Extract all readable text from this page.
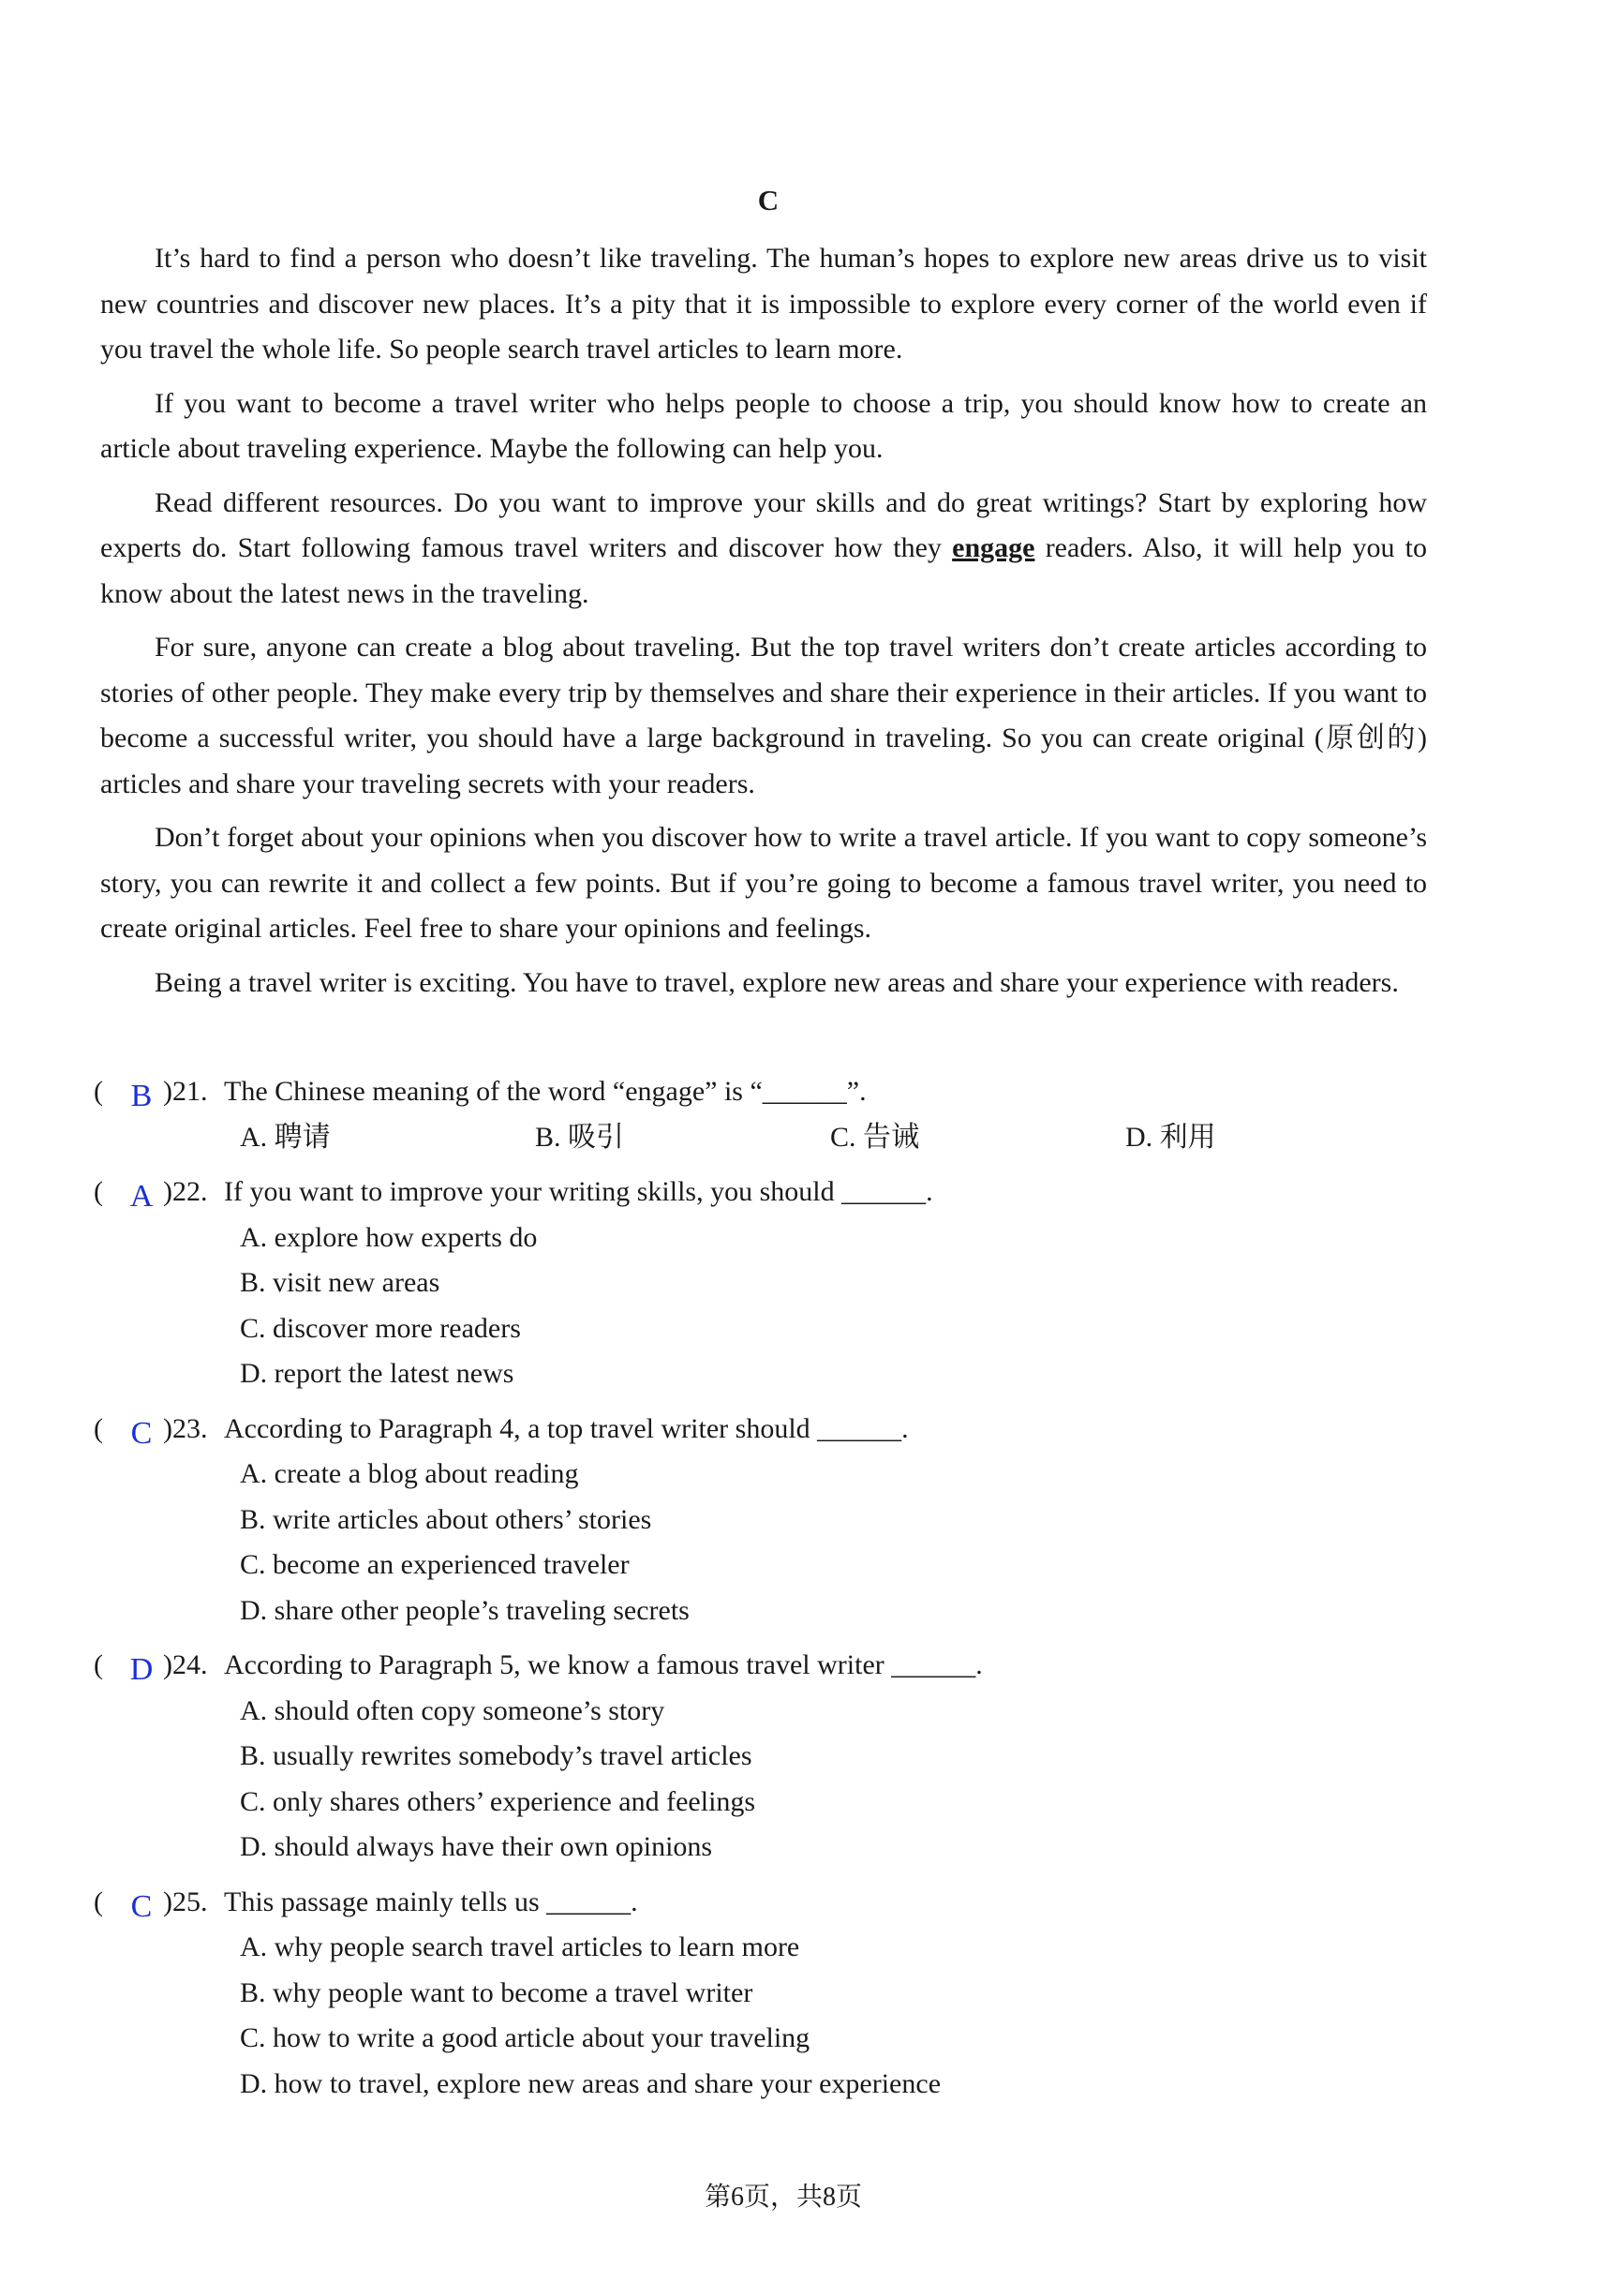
C

It’s hard to find a person who doesn’t like traveling. The human’s hopes to explore new areas drive us to visit new countries and discover new places. It’s a pity that it is impossible to explore every corner of the world even if you travel the whole life. So people search travel articles to learn more.

If you want to become a travel writer who helps people to choose a trip, you should know how to create an article about traveling experience. Maybe the following can help you.

Read different resources. Do you want to improve your skills and do great writings? Start by exploring how experts do. Start following famous travel writers and discover how they engage readers. Also, it will help you to know about the latest news in the traveling.

For sure, anyone can create a blog about traveling. But the top travel writers don’t create articles according to stories of other people. They make every trip by themselves and share their experience in their articles. If you want to become a successful writer, you should have a large background in traveling. So you can create original (原创的) articles and share your traveling secrets with your readers.

Don’t forget about your opinions when you discover how to write a travel article. If you want to copy someone’s story, you can rewrite it and collect a few points. But if you’re going to become a famous travel writer, you need to create original articles. Feel free to share your opinions and feelings.

Being a travel writer is exciting. You have to travel, explore new areas and share your experience with readers.

( B ) 21. The Chinese meaning of the word “engage” is “______”.
A. 聘请	B. 吸引	C. 告诫	D. 利用
( A ) 22. If you want to improve your writing skills, you should ______.
A. explore how experts do
B. visit new areas
C. discover more readers
D. report the latest news
( C ) 23. According to Paragraph 4, a top travel writer should ______.
A. create a blog about reading
B. write articles about others’ stories
C. become an experienced traveler
D. share other people’s traveling secrets
( D ) 24. According to Paragraph 5, we know a famous travel writer ______.
A. should often copy someone’s story
B. usually rewrites somebody’s travel articles
C. only shares others’ experience and feelings
D. should always have their own opinions
( C ) 25. This passage mainly tells us ______.
A. why people search travel articles to learn more
B. why people want to become a travel writer
C. how to write a good article about your traveling
D. how to travel, explore new areas and share your experience
第6页，共8页
